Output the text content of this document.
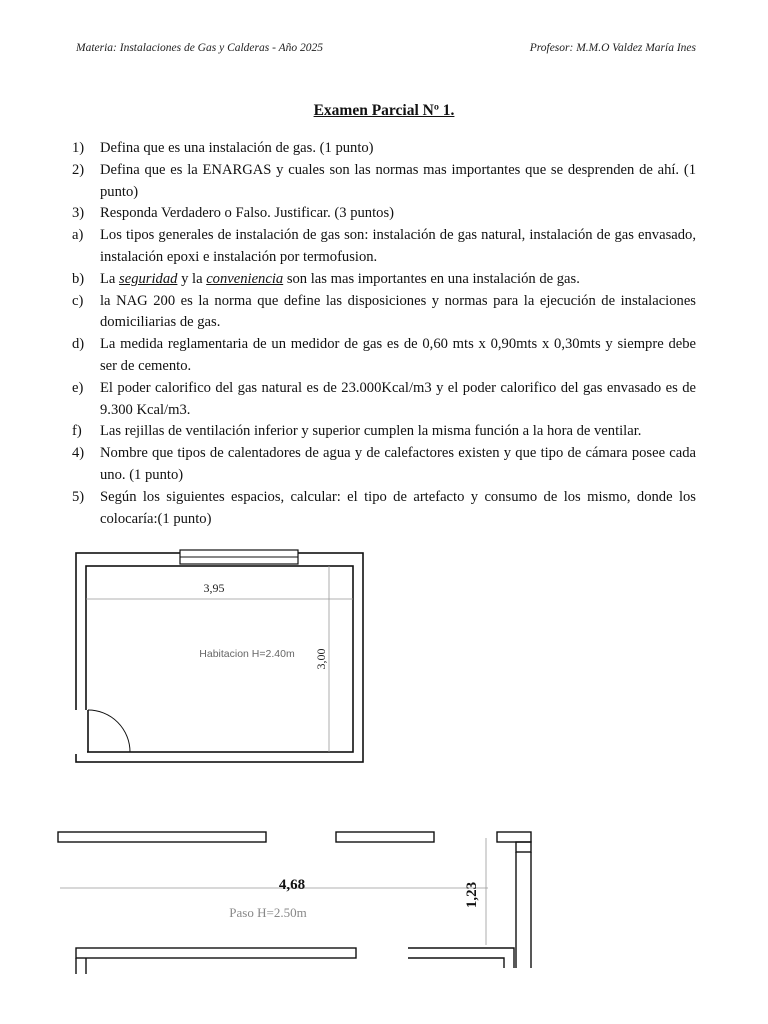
Materia: Instalaciones de Gas y Calderas - Año 2025	Profesor: M.M.O Valdez María Ines
Examen Parcial Nº 1.
1)	Defina que es una instalación de gas. (1 punto)
2)	Defina que es la ENARGAS y cuales son las normas mas importantes que se desprenden de ahí. (1 punto)
3)	Responda Verdadero o Falso. Justificar. (3 puntos)
a)	Los tipos generales de instalación de gas son: instalación de gas natural, instalación de gas envasado, instalación epoxi e instalación por termofusion.
b)	La seguridad y la conveniencia son las mas importantes en una instalación de gas.
c)	la NAG 200 es la norma que define las disposiciones y normas para la ejecución de instalaciones domiciliarias de gas.
d)	La medida reglamentaria de un medidor de gas es de 0,60 mts x 0,90mts x 0,30mts y siempre debe ser de cemento.
e)	El poder calorifico del gas natural es de 23.000Kcal/m3 y el poder calorifico del gas envasado es de 9.300 Kcal/m3.
f)	Las rejillas de ventilación inferior y superior cumplen la misma función a la hora de ventilar.
4)	Nombre que tipos de calentadores de agua y de calefactores existen y que tipo de cámara posee cada uno. (1 punto)
5)	Según los siguientes espacios, calcular: el tipo de artefacto y consumo de los mismo, donde los colocaría:(1 punto)
3,95
3,00
Habitacion H=2.40m
4,68	1,23
Paso H=2.50m
